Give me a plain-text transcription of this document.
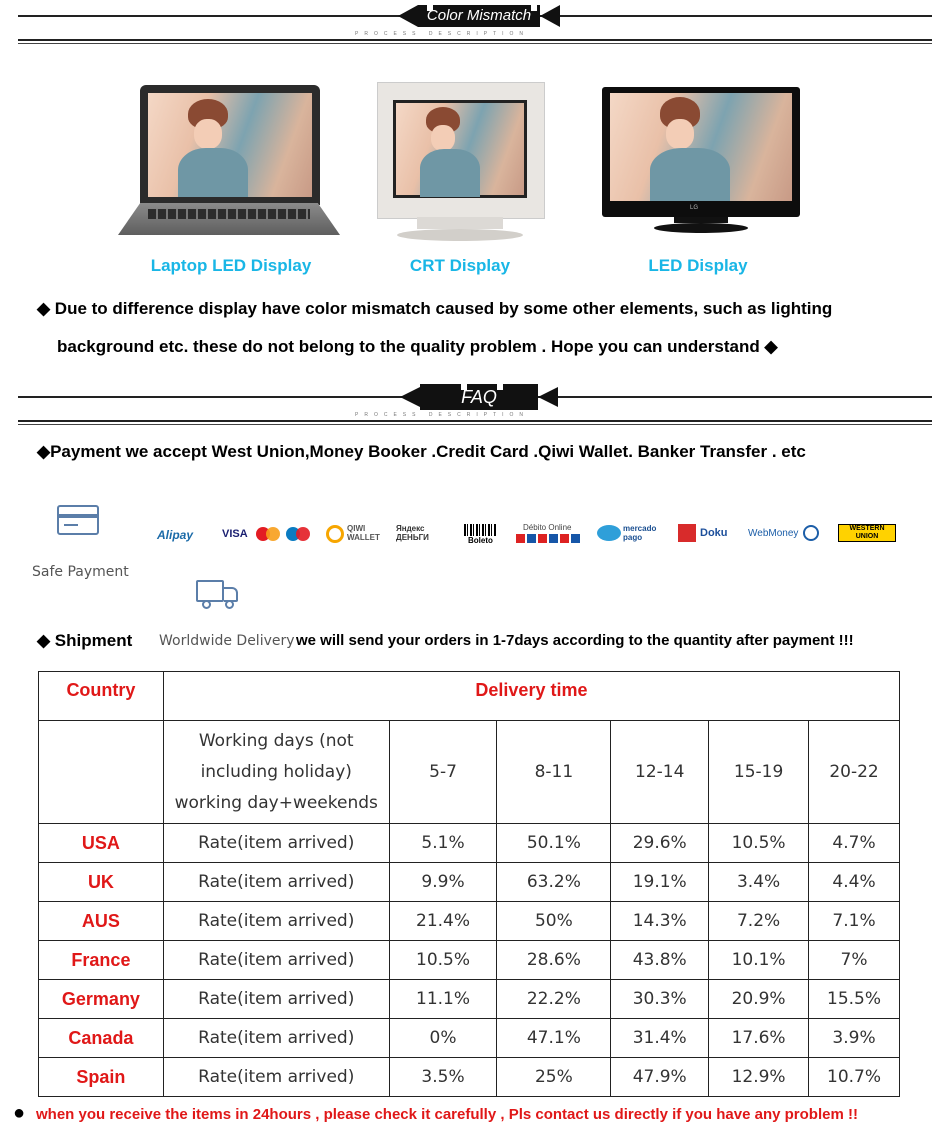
Color Mismatch
PROCESS DESCRIPTION
LG
Laptop LED Display	CRT Display	LED Display
◆ Due to difference display have color mismatch caused by some other elements, such as lighting
background etc. these do not belong to the quality problem . Hope you can understand ◆
FAQ
PROCESS DESCRIPTION
◆Payment we accept West Union,Money Booker .Credit Card .Qiwi Wallet. Banker Transfer . etc
Safe Payment
Alipay	VISA	QIWI WALLET
Яндекс ДЕНЬГИ	Boleto
Débito Online	mercado pago	Doku WebMoney	WESTERN UNION
◆ Shipment Worldwide Delivery we will send your orders in 1-7days according to the quantity after payment !!!
Country	Delivery time					

	Working days (not
including holiday)
working day+weekends	5-7	8-11	12-14	15-19	20-22
USA	Rate(item arrived)	5.1%	50.1%	29.6%	10.5%	4.7%
UK	Rate(item arrived)	9.9%	63.2%	19.1%	3.4%	4.4%
AUS	Rate(item arrived)	21.4%	50%	14.3%	7.2%	7.1%
France	Rate(item arrived)	10.5%	28.6%	43.8%	10.1%	7%
Germany	Rate(item arrived)	11.1%	22.2%	30.3%	20.9%	15.5%
Canada	Rate(item arrived)	0%	47.1%	31.4%	17.6%	3.9%
Spain	Rate(item arrived)	3.5%	25%	47.9%	12.9%	10.7%
● when you receive the items in 24hours , please check it carefully , Pls contact us directly if you have any problem !!
